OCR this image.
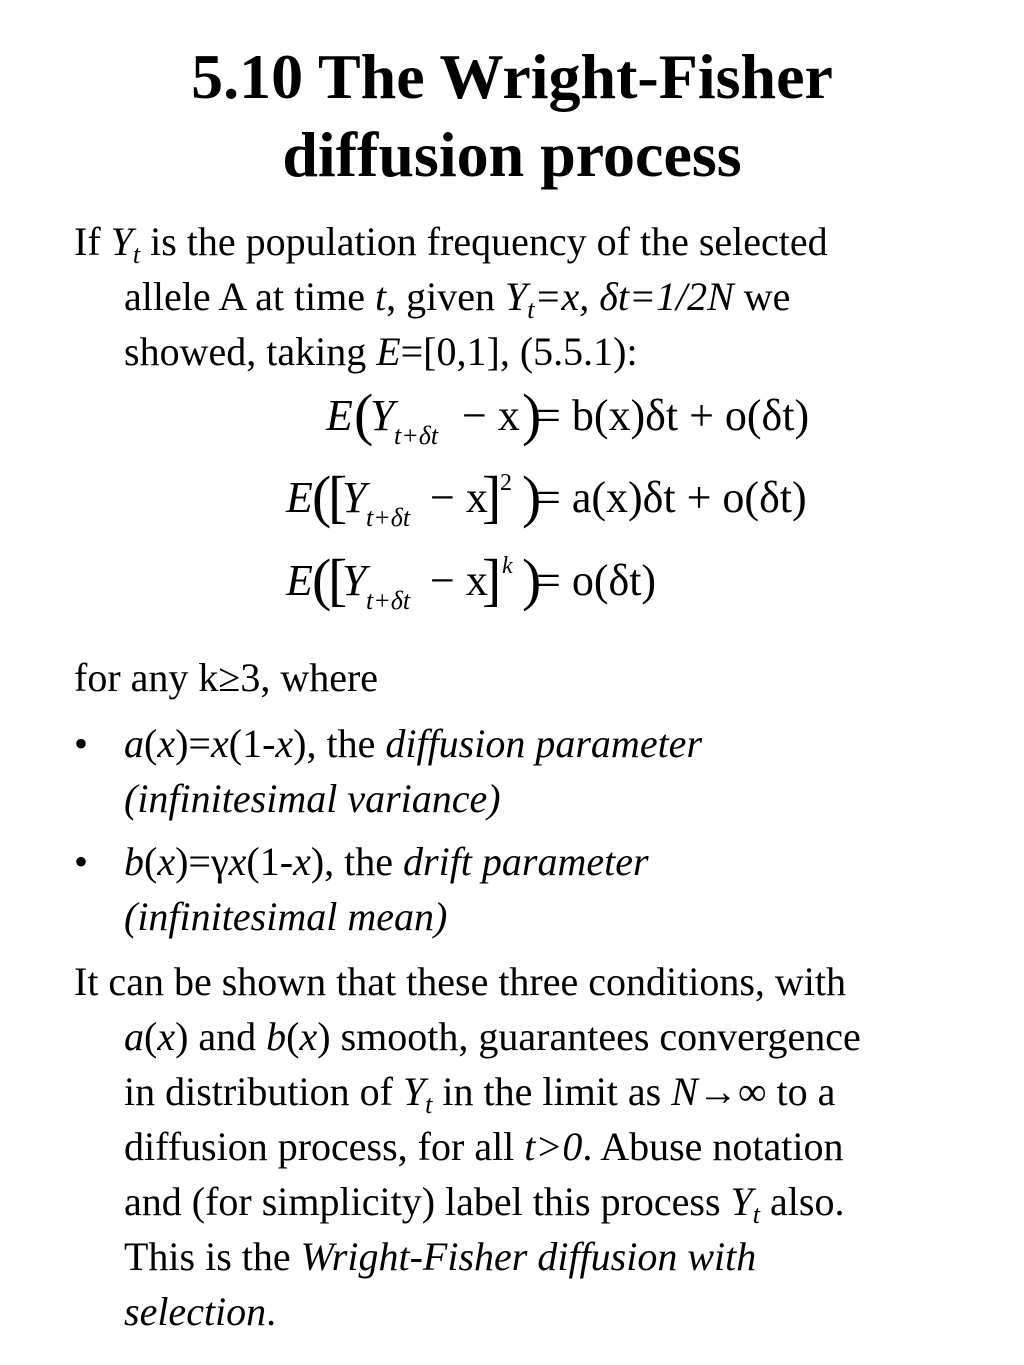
5.10 The Wright-Fisher
diffusion process
If $Y_t$ is the population frequency of the selected
allele A at time t, given $Y_t=x$, δt=1/2N we
showed, taking E=[0,1], (5.5.1):
E (
Y t+δt − x )
= b(x)δt + o(δt)
E (
[
Y t+δt − x
]
2 )
= a(x)δt + o(δt)
E (
[
Y t+δt − x
] k )
= o(δt)
for any k≥3, where
• a(x)=x(1-x), the diffusion parameter
(infinitesimal variance)
• b(x)=γx(1-x), the drift parameter
(infinitesimal mean)
It can be shown that these three conditions, with
a(x) and b(x) smooth, guarantees convergence
in distribution of $Y_t$ in the limit as N→∞ to a
diffusion process, for all t>0. Abuse notation
and (for simplicity) label this process $Y_t$ also.
This is the Wright-Fisher diffusion with
selection.
